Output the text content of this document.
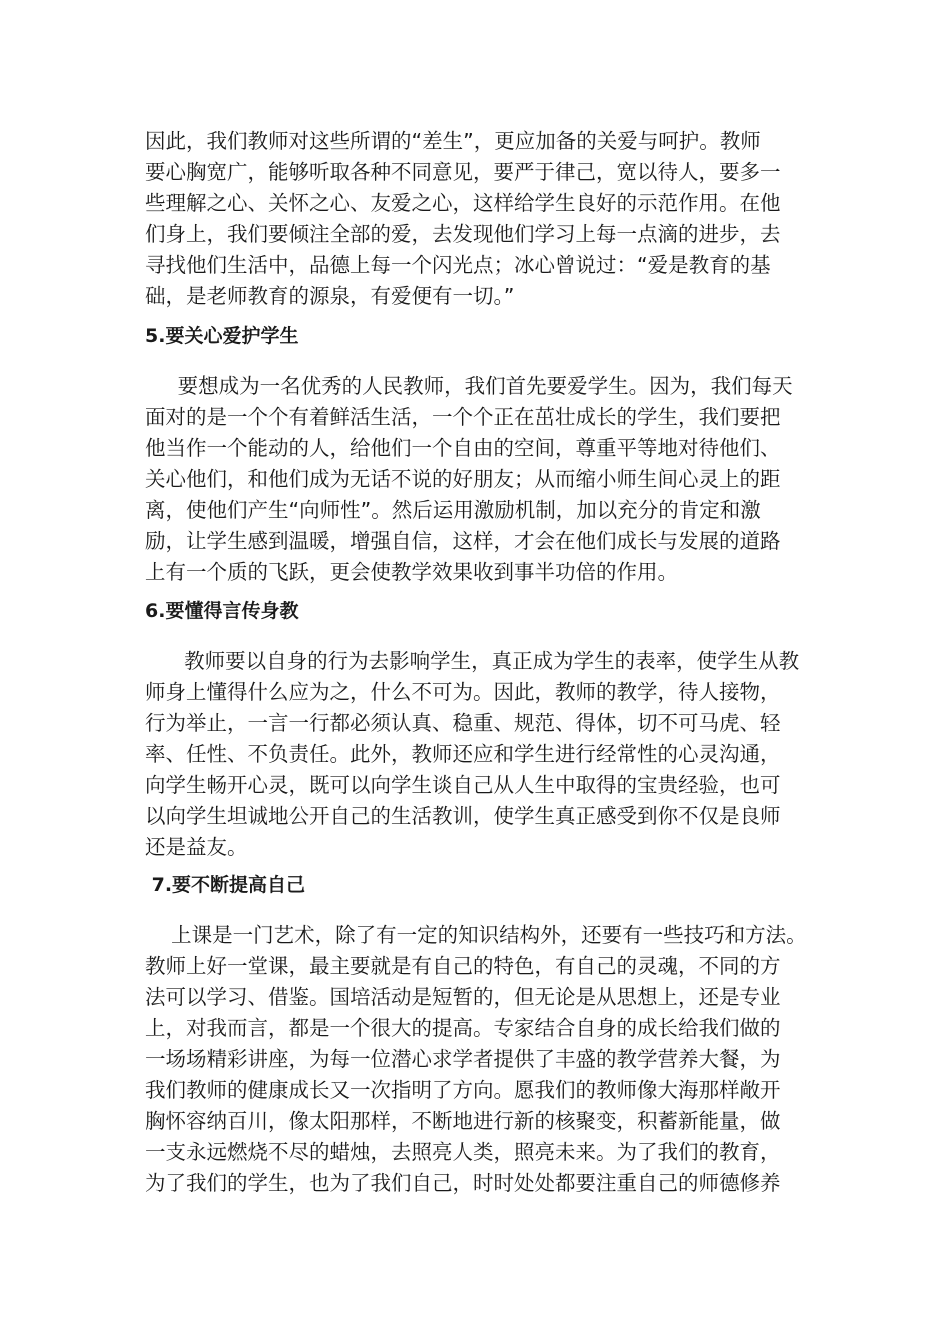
因此，我们教师对这些所谓的“差生”，更应加备的关爱与呵护。教师
要心胸宽广，能够听取各种不同意见，要严于律己，宽以待人，要多一
些理解之心、关怀之心、友爱之心，这样给学生良好的示范作用。在他
们身上，我们要倾注全部的爱，去发现他们学习上每一点滴的进步，去
寻找他们生活中，品德上每一个闪光点；冰心曾说过：“爱是教育的基
础，是老师教育的源泉，有爱便有一切。”
5.要关心爱护学生
要想成为一名优秀的人民教师，我们首先要爱学生。因为，我们每天
面对的是一个个有着鲜活生活，一个个正在茁壮成长的学生，我们要把
他当作一个能动的人，给他们一个自由的空间，尊重平等地对待他们、
关心他们，和他们成为无话不说的好朋友；从而缩小师生间心灵上的距
离，使他们产生“向师性”。然后运用激励机制，加以充分的肯定和激
励，让学生感到温暖，增强自信，这样，才会在他们成长与发展的道路
上有一个质的飞跃，更会使教学效果收到事半功倍的作用。
6.要懂得言传身教
教师要以自身的行为去影响学生，真正成为学生的表率，使学生从教
师身上懂得什么应为之，什么不可为。因此，教师的教学，待人接物，
行为举止，一言一行都必须认真、稳重、规范、得体，切不可马虎、轻
率、任性、不负责任。此外，教师还应和学生进行经常性的心灵沟通，
向学生畅开心灵，既可以向学生谈自己从人生中取得的宝贵经验，也可
以向学生坦诚地公开自己的生活教训，使学生真正感受到你不仅是良师
还是益友。
7.要不断提高自己
上课是一门艺术，除了有一定的知识结构外，还要有一些技巧和方法。
教师上好一堂课，最主要就是有自己的特色，有自己的灵魂，不同的方
法可以学习、借鉴。国培活动是短暂的，但无论是从思想上，还是专业
上，对我而言，都是一个很大的提高。专家结合自身的成长给我们做的
一场场精彩讲座，为每一位潜心求学者提供了丰盛的教学营养大餐，为
我们教师的健康成长又一次指明了方向。愿我们的教师像大海那样敞开
胸怀容纳百川，像太阳那样，不断地进行新的核聚变，积蓄新能量，做
一支永远燃烧不尽的蜡烛，去照亮人类，照亮未来。为了我们的教育，
为了我们的学生，也为了我们自己，时时处处都要注重自己的师德修养
